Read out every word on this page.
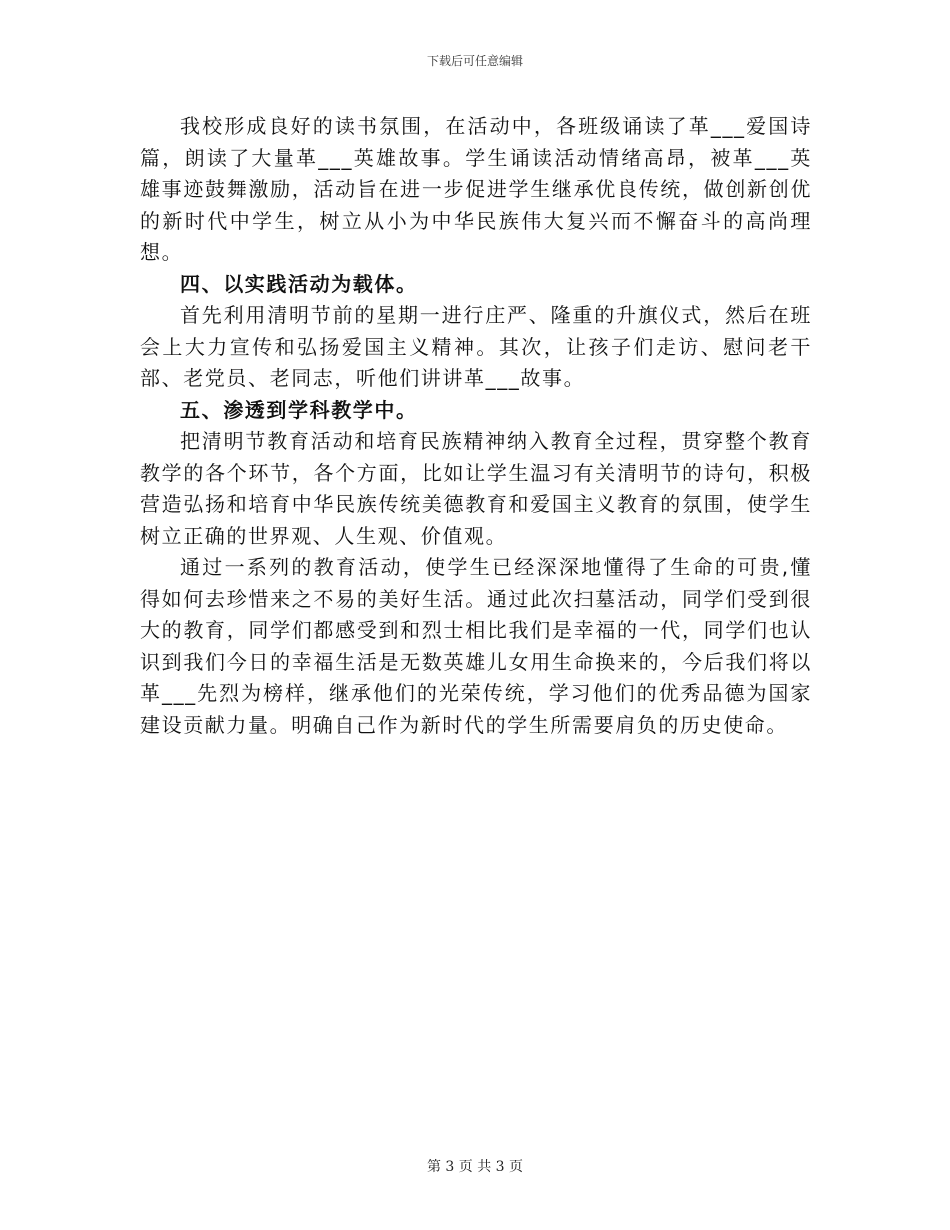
下载后可任意编辑

我校形成良好的读书氛围，在活动中，各班级诵读了革___爱国诗篇，朗读了大量革___英雄故事。学生诵读活动情绪高昂，被革___英雄事迹鼓舞激励，活动旨在进一步促进学生继承优良传统，做创新创优的新时代中学生，树立从小为中华民族伟大复兴而不懈奋斗的高尚理想。

四、以实践活动为载体。

首先利用清明节前的星期一进行庄严、隆重的升旗仪式，然后在班会上大力宣传和弘扬爱国主义精神。其次，让孩子们走访、慰问老干部、老党员、老同志，听他们讲讲革___故事。

五、渗透到学科教学中。

把清明节教育活动和培育民族精神纳入教育全过程，贯穿整个教育教学的各个环节，各个方面，比如让学生温习有关清明节的诗句，积极营造弘扬和培育中华民族传统美德教育和爱国主义教育的氛围，使学生树立正确的世界观、人生观、价值观。

通过一系列的教育活动，使学生已经深深地懂得了生命的可贵,懂得如何去珍惜来之不易的美好生活。通过此次扫墓活动，同学们受到很大的教育，同学们都感受到和烈士相比我们是幸福的一代，同学们也认识到我们今日的幸福生活是无数英雄儿女用生命换来的，今后我们将以革___先烈为榜样，继承他们的光荣传统，学习他们的优秀品德为国家建设贡献力量。明确自己作为新时代的学生所需要肩负的历史使命。

第 3 页 共 3 页
